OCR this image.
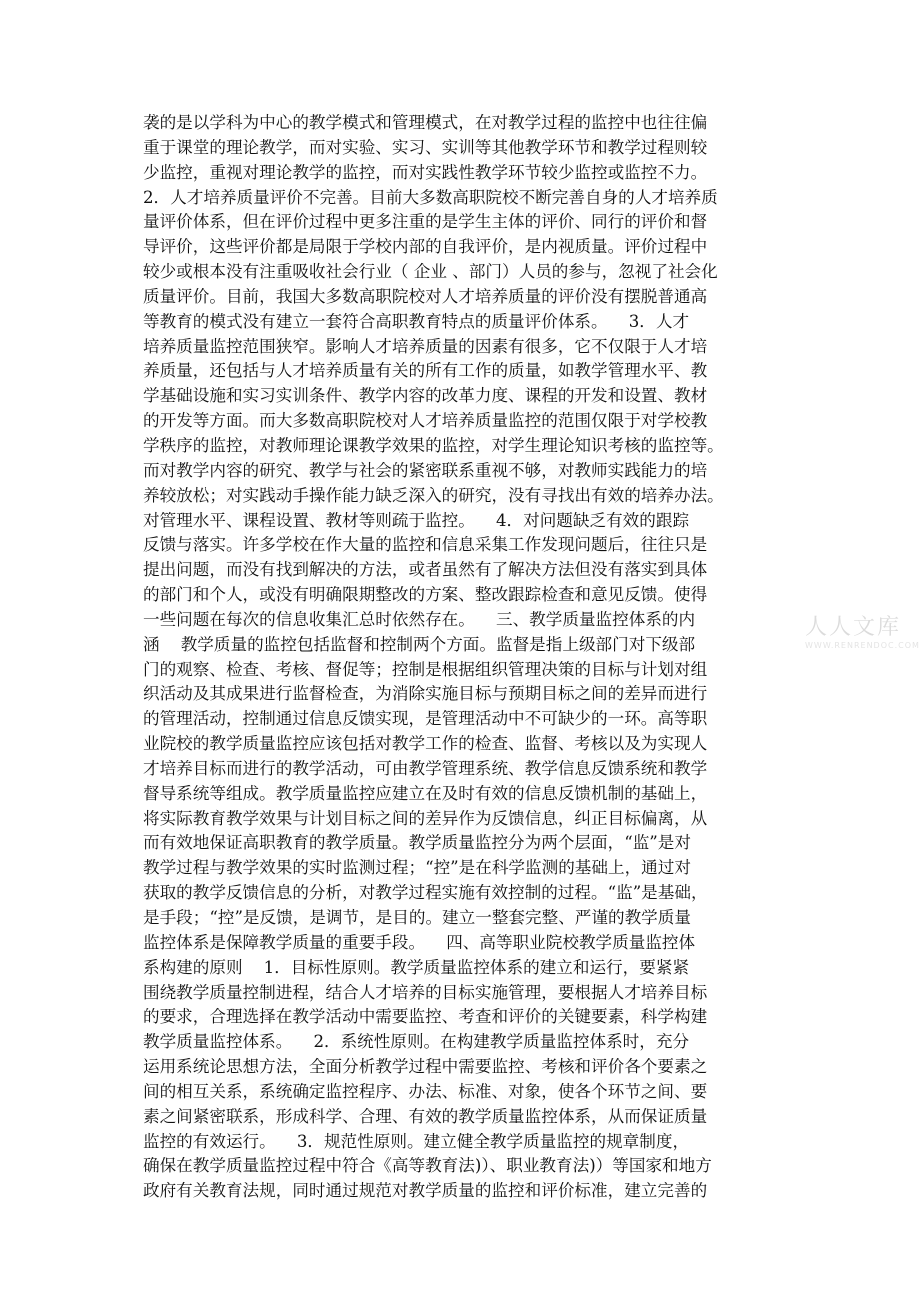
袭的是以学科为中心的教学模式和管理模式，在对教学过程的监控中也往往偏
重于课堂的理论教学，而对实验、实习、实训等其他教学环节和教学过程则较
少监控，重视对理论教学的监控，而对实践性教学环节较少监控或监控不力。
2．人才培养质量评价不完善。目前大多数高职院校不断完善自身的人才培养质
量评价体系，但在评价过程中更多注重的是学生主体的评价、同行的评价和督
导评价，这些评价都是局限于学校内部的自我评价，是内视质量。评价过程中
较少或根本没有注重吸收社会行业（ 企业 、部门）人员的参与，忽视了社会化
质量评价。目前，我国大多数高职院校对人才培养质量的评价没有摆脱普通高
等教育的模式没有建立一套符合高职教育特点的质量评价体系。    3．人才
培养质量监控范围狭窄。影响人才培养质量的因素有很多，它不仅限于人才培
养质量，还包括与人才培养质量有关的所有工作的质量，如教学管理水平、教
学基础设施和实习实训条件、教学内容的改革力度、课程的开发和设置、教材
的开发等方面。而大多数高职院校对人才培养质量监控的范围仅限于对学校教
学秩序的监控，对教师理论课教学效果的监控，对学生理论知识考核的监控等。
而对教学内容的研究、教学与社会的紧密联系重视不够，对教师实践能力的培
养较放松；对实践动手操作能力缺乏深入的研究，没有寻找出有效的培养办法。
对管理水平、课程设置、教材等则疏于监控。    4．对问题缺乏有效的跟踪
反馈与落实。许多学校在作大量的监控和信息采集工作发现问题后，往往只是
提出问题，而没有找到解决的方法，或者虽然有了解决方法但没有落实到具体
的部门和个人，或没有明确限期整改的方案、整改跟踪检查和意见反馈。使得
一些问题在每次的信息收集汇总时依然存在。    三、教学质量监控体系的内
涵    教学质量的监控包括监督和控制两个方面。监督是指上级部门对下级部
门的观察、检查、考核、督促等；控制是根据组织管理决策的目标与计划对组
织活动及其成果进行监督检查，为消除实施目标与预期目标之间的差异而进行
的管理活动，控制通过信息反馈实现，是管理活动中不可缺少的一环。高等职
业院校的教学质量监控应该包括对教学工作的检查、监督、考核以及为实现人
才培养目标而进行的教学活动，可由教学管理系统、教学信息反馈系统和教学
督导系统等组成。教学质量监控应建立在及时有效的信息反馈机制的基础上，
将实际教育教学效果与计划目标之间的差异作为反馈信息，纠正目标偏离，从
而有效地保证高职教育的教学质量。教学质量监控分为两个层面，“监”是对
教学过程与教学效果的实时监测过程；“控”是在科学监测的基础上，通过对
获取的教学反馈信息的分析，对教学过程实施有效控制的过程。“监”是基础，
是手段；“控”是反馈，是调节，是目的。建立一整套完整、严谨的教学质量
监控体系是保障教学质量的重要手段。    四、高等职业院校教学质量监控体
系构建的原则    1．目标性原则。教学质量监控体系的建立和运行，要紧紧
围绕教学质量控制进程，结合人才培养的目标实施管理，要根据人才培养目标
的要求，合理选择在教学活动中需要监控、考查和评价的关键要素，科学构建
教学质量监控体系。    2．系统性原则。在构建教学质量监控体系时，充分
运用系统论思想方法，全面分析教学过程中需要监控、考核和评价各个要素之
间的相互关系，系统确定监控程序、办法、标准、对象，使各个环节之间、要
素之间紧密联系，形成科学、合理、有效的教学质量监控体系，从而保证质量
监控的有效运行。    3．规范性原则。建立健全教学质量监控的规章制度，
确保在教学质量监控过程中符合《高等教育法)）、职业教育法)）等国家和地方
政府有关教育法规，同时通过规范对教学质量的监控和评价标准，建立完善的
人人文库
WWW.RENRENDOC.COM
